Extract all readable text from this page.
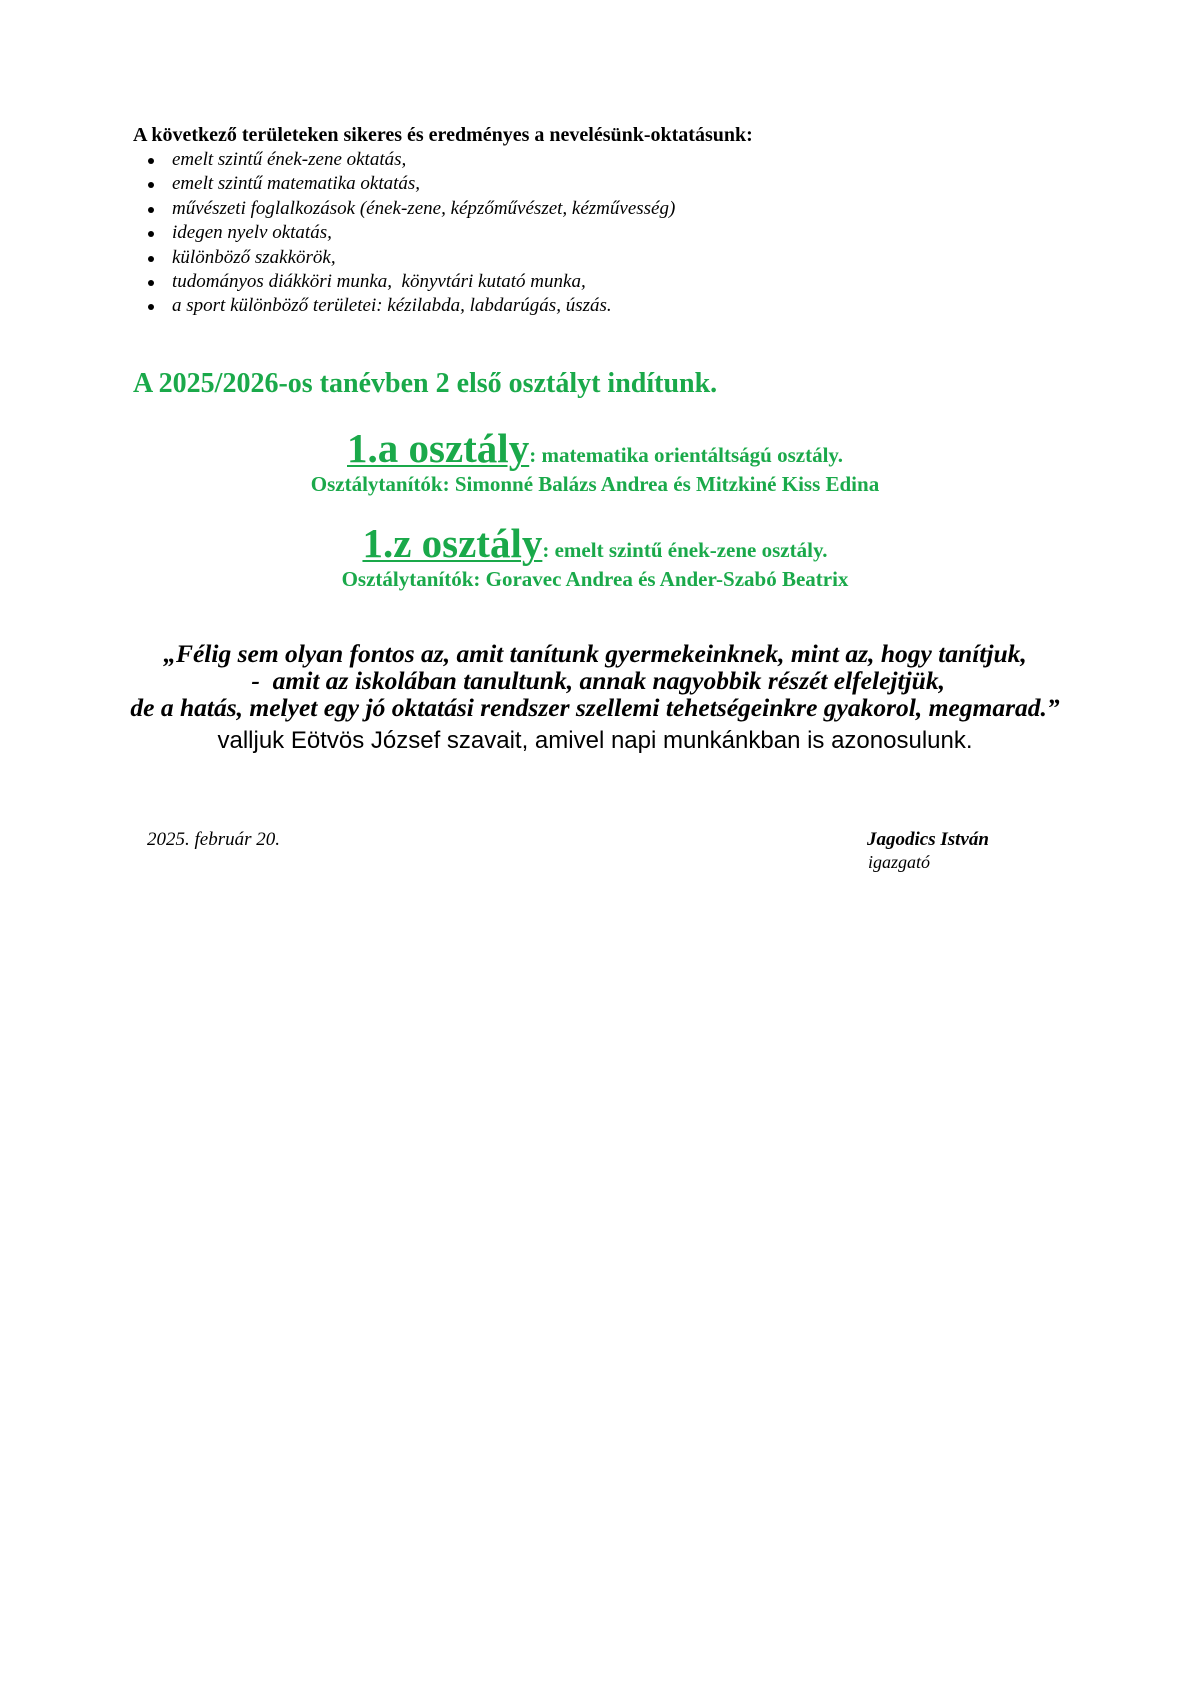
A következő területeken sikeres és eredményes a nevelésünk-oktatásunk:
emelt szintű ének-zene oktatás,
emelt szintű matematika oktatás,
művészeti foglalkozások (ének-zene, képzőművészet, kézművesség)
idegen nyelv oktatás,
különböző szakkörök,
tudományos diákköri munka,  könyvtári kutató munka,
a sport különböző területei: kézilabda, labdarúgás, úszás.
A 2025/2026-os tanévben 2 első osztályt indítunk.
1.a osztály: matematika orientáltságú osztály.
Osztálytanítók: Simonné Balázs Andrea és Mitzkiné Kiss Edina
1.z osztály: emelt szintű ének-zene osztály.
Osztálytanítók: Goravec Andrea és Ander-Szabó Beatrix
„Félig sem olyan fontos az, amit tanítunk gyermekeinknek, mint az, hogy tanítjuk,
-  amit az iskolában tanultunk, annak nagyobbik részét elfelejtjük,
de a hatás, melyet egy jó oktatási rendszer szellemi tehetségeinkre gyakorol, megmarad.”
valljuk Eötvös József szavait, amivel napi munkánkban is azonosulunk.
2025. február 20.	Jagodics István
igazgató
